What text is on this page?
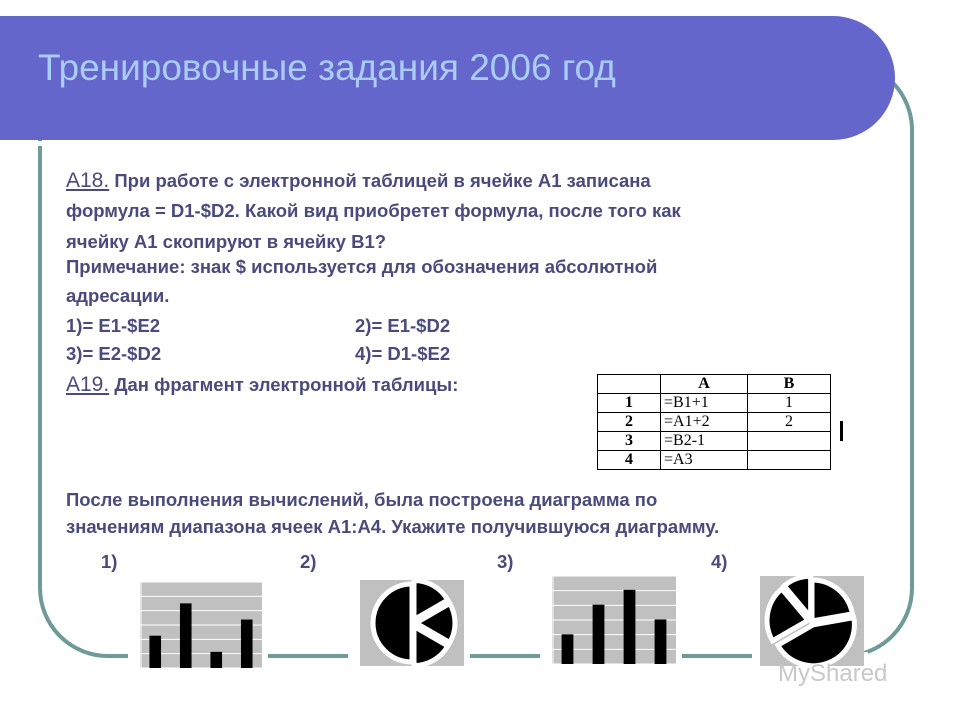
Тренировочные задания 2006 год
А18. При работе с электронной таблицей в ячейке А1 записана
формула = D1-$D2. Какой вид приобретет формула, после того как
ячейку А1 скопируют в ячейку В1?
Примечание: знак $ используется для обозначения абсолютной
адресации.
1)= E1-$E2	2)= E1-$D2
3)= E2-$D2	4)= D1-$E2
А19. Дан фрагмент электронной таблицы:
		A	B
1	=B1+1	1
2	=A1+2	2
3	=B2-1	
4	=A3	
После выполнения вычислений, была построена диаграмма по
значениям диапазона ячеек А1:А4. Укажите получившуюся диаграмму.
1)	2)	3)	4)
MyShared
